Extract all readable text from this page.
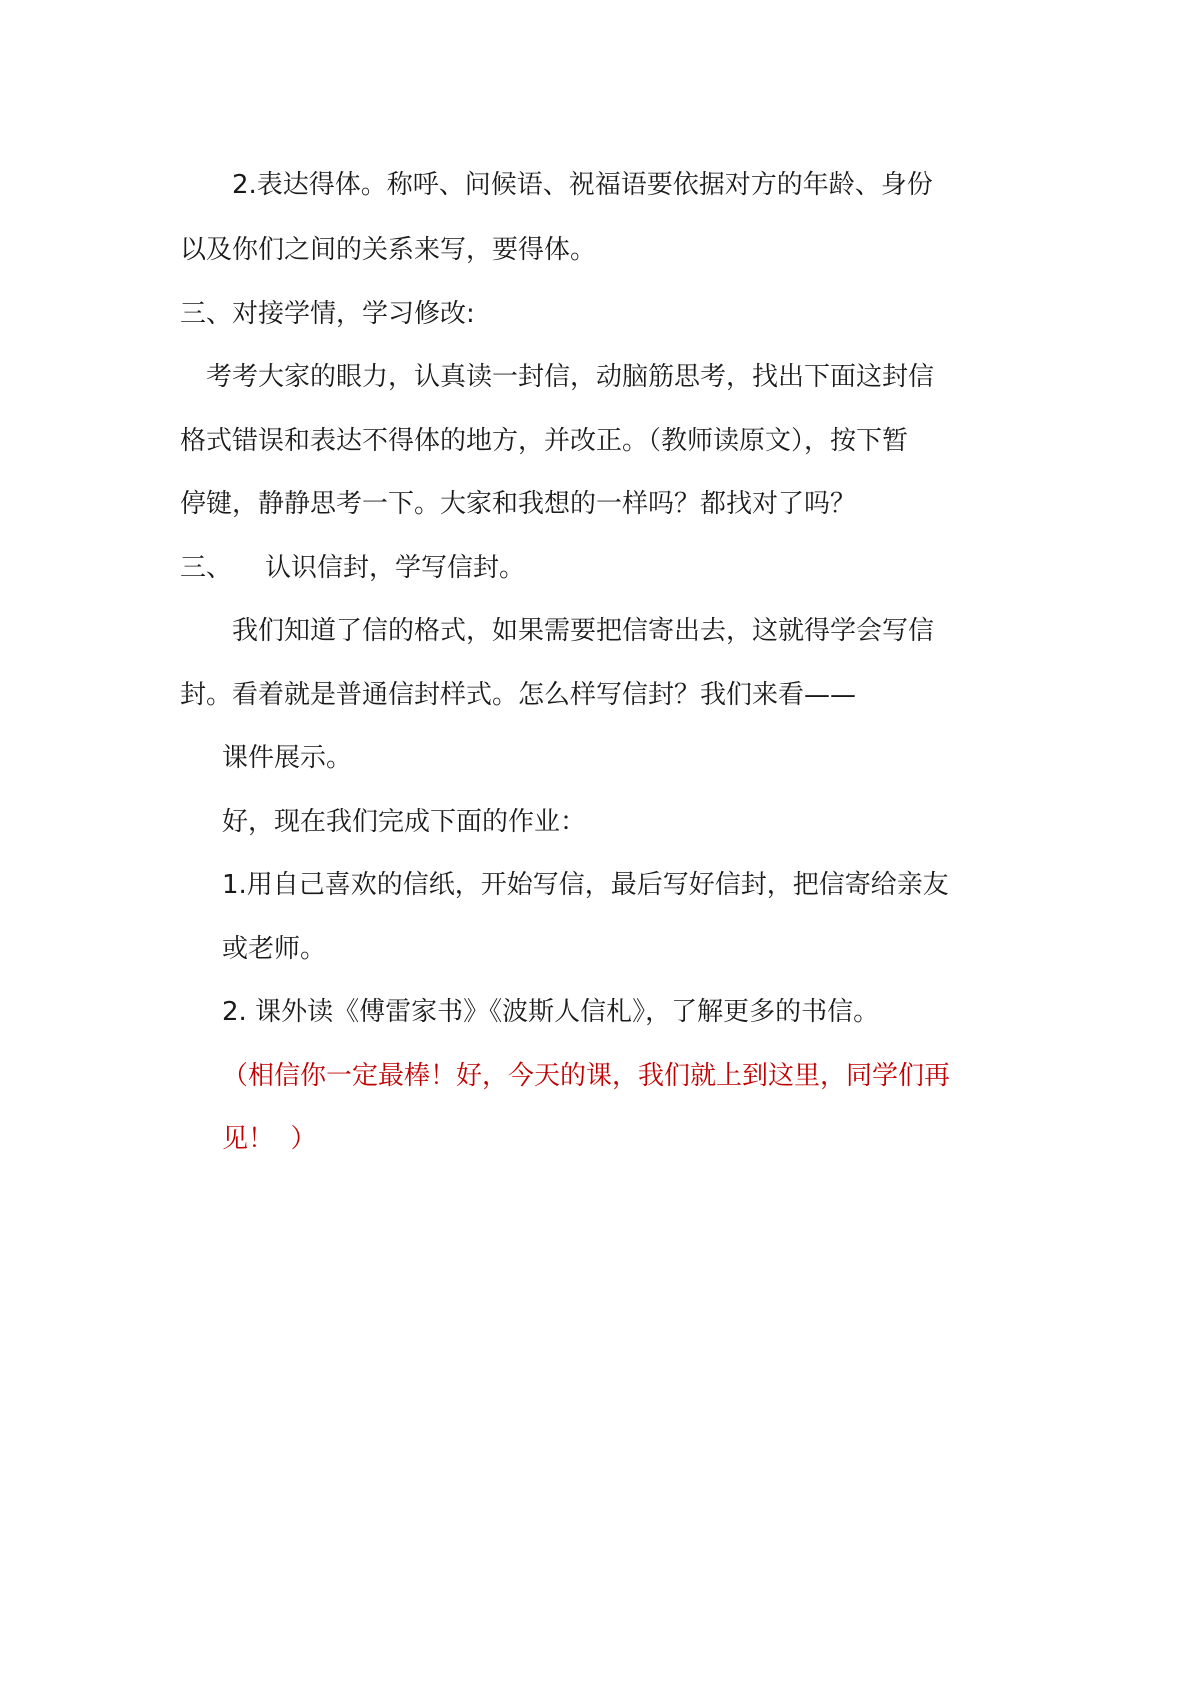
2.表达得体。称呼、问候语、祝福语要依据对方的年龄、身份
以及你们之间的关系来写，要得体。
三、对接学情，学习修改:
考考大家的眼力，认真读一封信，动脑筋思考，找出下面这封信
格式错误和表达不得体的地方，并改正。（教师读原文），按下暂
停键，静静思考一下。大家和我想的一样吗？都找对了吗？
三、    认识信封，学写信封。
我们知道了信的格式，如果需要把信寄出去，这就得学会写信
封。看着就是普通信封样式。怎么样写信封？我们来看——
课件展示。
好，现在我们完成下面的作业：
1.用自己喜欢的信纸，开始写信，最后写好信封，把信寄给亲友
或老师。
2. 课外读《傅雷家书》《波斯人信札》，了解更多的书信。
（相信你一定最棒！好，今天的课，我们就上到这里，同学们再
见！  ）
